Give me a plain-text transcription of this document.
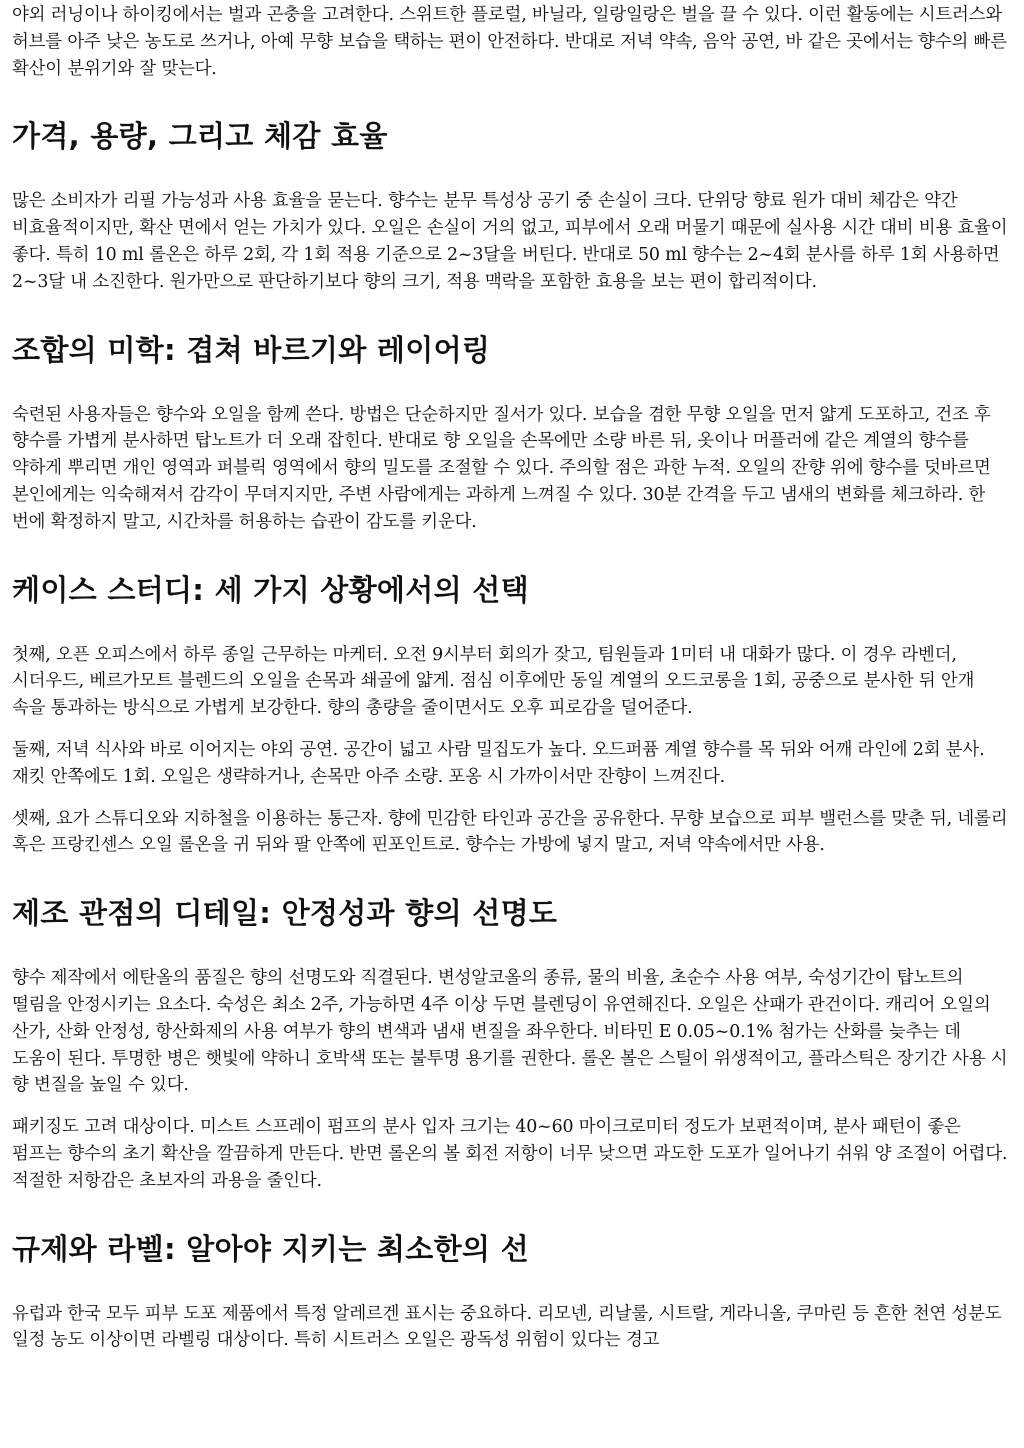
야외 러닝이나 하이킹에서는 벌과 곤충을 고려한다. 스위트한 플로럴, 바닐라, 일랑일랑은 벌을 끌 수 있다. 이런 활동에는 시트러스와 허브를 아주 낮은 농도로 쓰거나, 아예 무향 보습을 택하는 편이 안전하다. 반대로 저녁 약속, 음악 공연, 바 같은 곳에서는 향수의 빠른 확산이 분위기와 잘 맞는다.

가격, 용량, 그리고 체감 효율

많은 소비자가 리필 가능성과 사용 효율을 묻는다. 향수는 분무 특성상 공기 중 손실이 크다. 단위당 향료 원가 대비 체감은 약간 비효율적이지만, 확산 면에서 얻는 가치가 있다. 오일은 손실이 거의 없고, 피부에서 오래 머물기 때문에 실사용 시간 대비 비용 효율이 좋다. 특히 10 ml 롤온은 하루 2회, 각 1회 적용 기준으로 2~3달을 버틴다. 반대로 50 ml 향수는 2~4회 분사를 하루 1회 사용하면 2~3달 내 소진한다. 원가만으로 판단하기보다 향의 크기, 적용 맥락을 포함한 효용을 보는 편이 합리적이다.

조합의 미학: 겹쳐 바르기와 레이어링

숙련된 사용자들은 향수와 오일을 함께 쓴다. 방법은 단순하지만 질서가 있다. 보습을 겸한 무향 오일을 먼저 얇게 도포하고, 건조 후 향수를 가볍게 분사하면 탑노트가 더 오래 잡힌다. 반대로 향 오일을 손목에만 소량 바른 뒤, 옷이나 머플러에 같은 계열의 향수를 약하게 뿌리면 개인 영역과 퍼블릭 영역에서 향의 밀도를 조절할 수 있다. 주의할 점은 과한 누적. 오일의 잔향 위에 향수를 덧바르면 본인에게는 익숙해져서 감각이 무뎌지지만, 주변 사람에게는 과하게 느껴질 수 있다. 30분 간격을 두고 냄새의 변화를 체크하라. 한 번에 확정하지 말고, 시간차를 허용하는 습관이 감도를 키운다.

케이스 스터디: 세 가지 상황에서의 선택

첫째, 오픈 오피스에서 하루 종일 근무하는 마케터. 오전 9시부터 회의가 잦고, 팀원들과 1미터 내 대화가 많다. 이 경우 라벤더, 시더우드, 베르가모트 블렌드의 오일을 손목과 쇄골에 얇게. 점심 이후에만 동일 계열의 오드코롱을 1회, 공중으로 분사한 뒤 안개 속을 통과하는 방식으로 가볍게 보강한다. 향의 총량을 줄이면서도 오후 피로감을 덜어준다.

둘째, 저녁 식사와 바로 이어지는 야외 공연. 공간이 넓고 사람 밀집도가 높다. 오드퍼퓸 계열 향수를 목 뒤와 어깨 라인에 2회 분사. 재킷 안쪽에도 1회. 오일은 생략하거나, 손목만 아주 소량. 포옹 시 가까이서만 잔향이 느껴진다.

셋째, 요가 스튜디오와 지하철을 이용하는 통근자. 향에 민감한 타인과 공간을 공유한다. 무향 보습으로 피부 밸런스를 맞춘 뒤, 네롤리 혹은 프랑킨센스 오일 롤온을 귀 뒤와 팔 안쪽에 핀포인트로. 향수는 가방에 넣지 말고, 저녁 약속에서만 사용.

제조 관점의 디테일: 안정성과 향의 선명도

향수 제작에서 에탄올의 품질은 향의 선명도와 직결된다. 변성알코올의 종류, 물의 비율, 초순수 사용 여부, 숙성기간이 탑노트의 떨림을 안정시키는 요소다. 숙성은 최소 2주, 가능하면 4주 이상 두면 블렌딩이 유연해진다. 오일은 산패가 관건이다. 캐리어 오일의 산가, 산화 안정성, 항산화제의 사용 여부가 향의 변색과 냄새 변질을 좌우한다. 비타민 E 0.05~0.1% 첨가는 산화를 늦추는 데 도움이 된다. 투명한 병은 햇빛에 약하니 호박색 또는 불투명 용기를 권한다. 롤온 볼은 스틸이 위생적이고, 플라스틱은 장기간 사용 시 향 변질을 높일 수 있다.

패키징도 고려 대상이다. 미스트 스프레이 펌프의 분사 입자 크기는 40~60 마이크로미터 정도가 보편적이며, 분사 패턴이 좋은 펌프는 향수의 초기 확산을 깔끔하게 만든다. 반면 롤온의 볼 회전 저항이 너무 낮으면 과도한 도포가 일어나기 쉬워 양 조절이 어렵다. 적절한 저항감은 초보자의 과용을 줄인다.

규제와 라벨: 알아야 지키는 최소한의 선

유럽과 한국 모두 피부 도포 제품에서 특정 알레르겐 표시는 중요하다. 리모넨, 리날룰, 시트랄, 게라니올, 쿠마린 등 흔한 천연 성분도 일정 농도 이상이면 라벨링 대상이다. 특히 시트러스 오일은 광독성 위험이 있다는 경고
